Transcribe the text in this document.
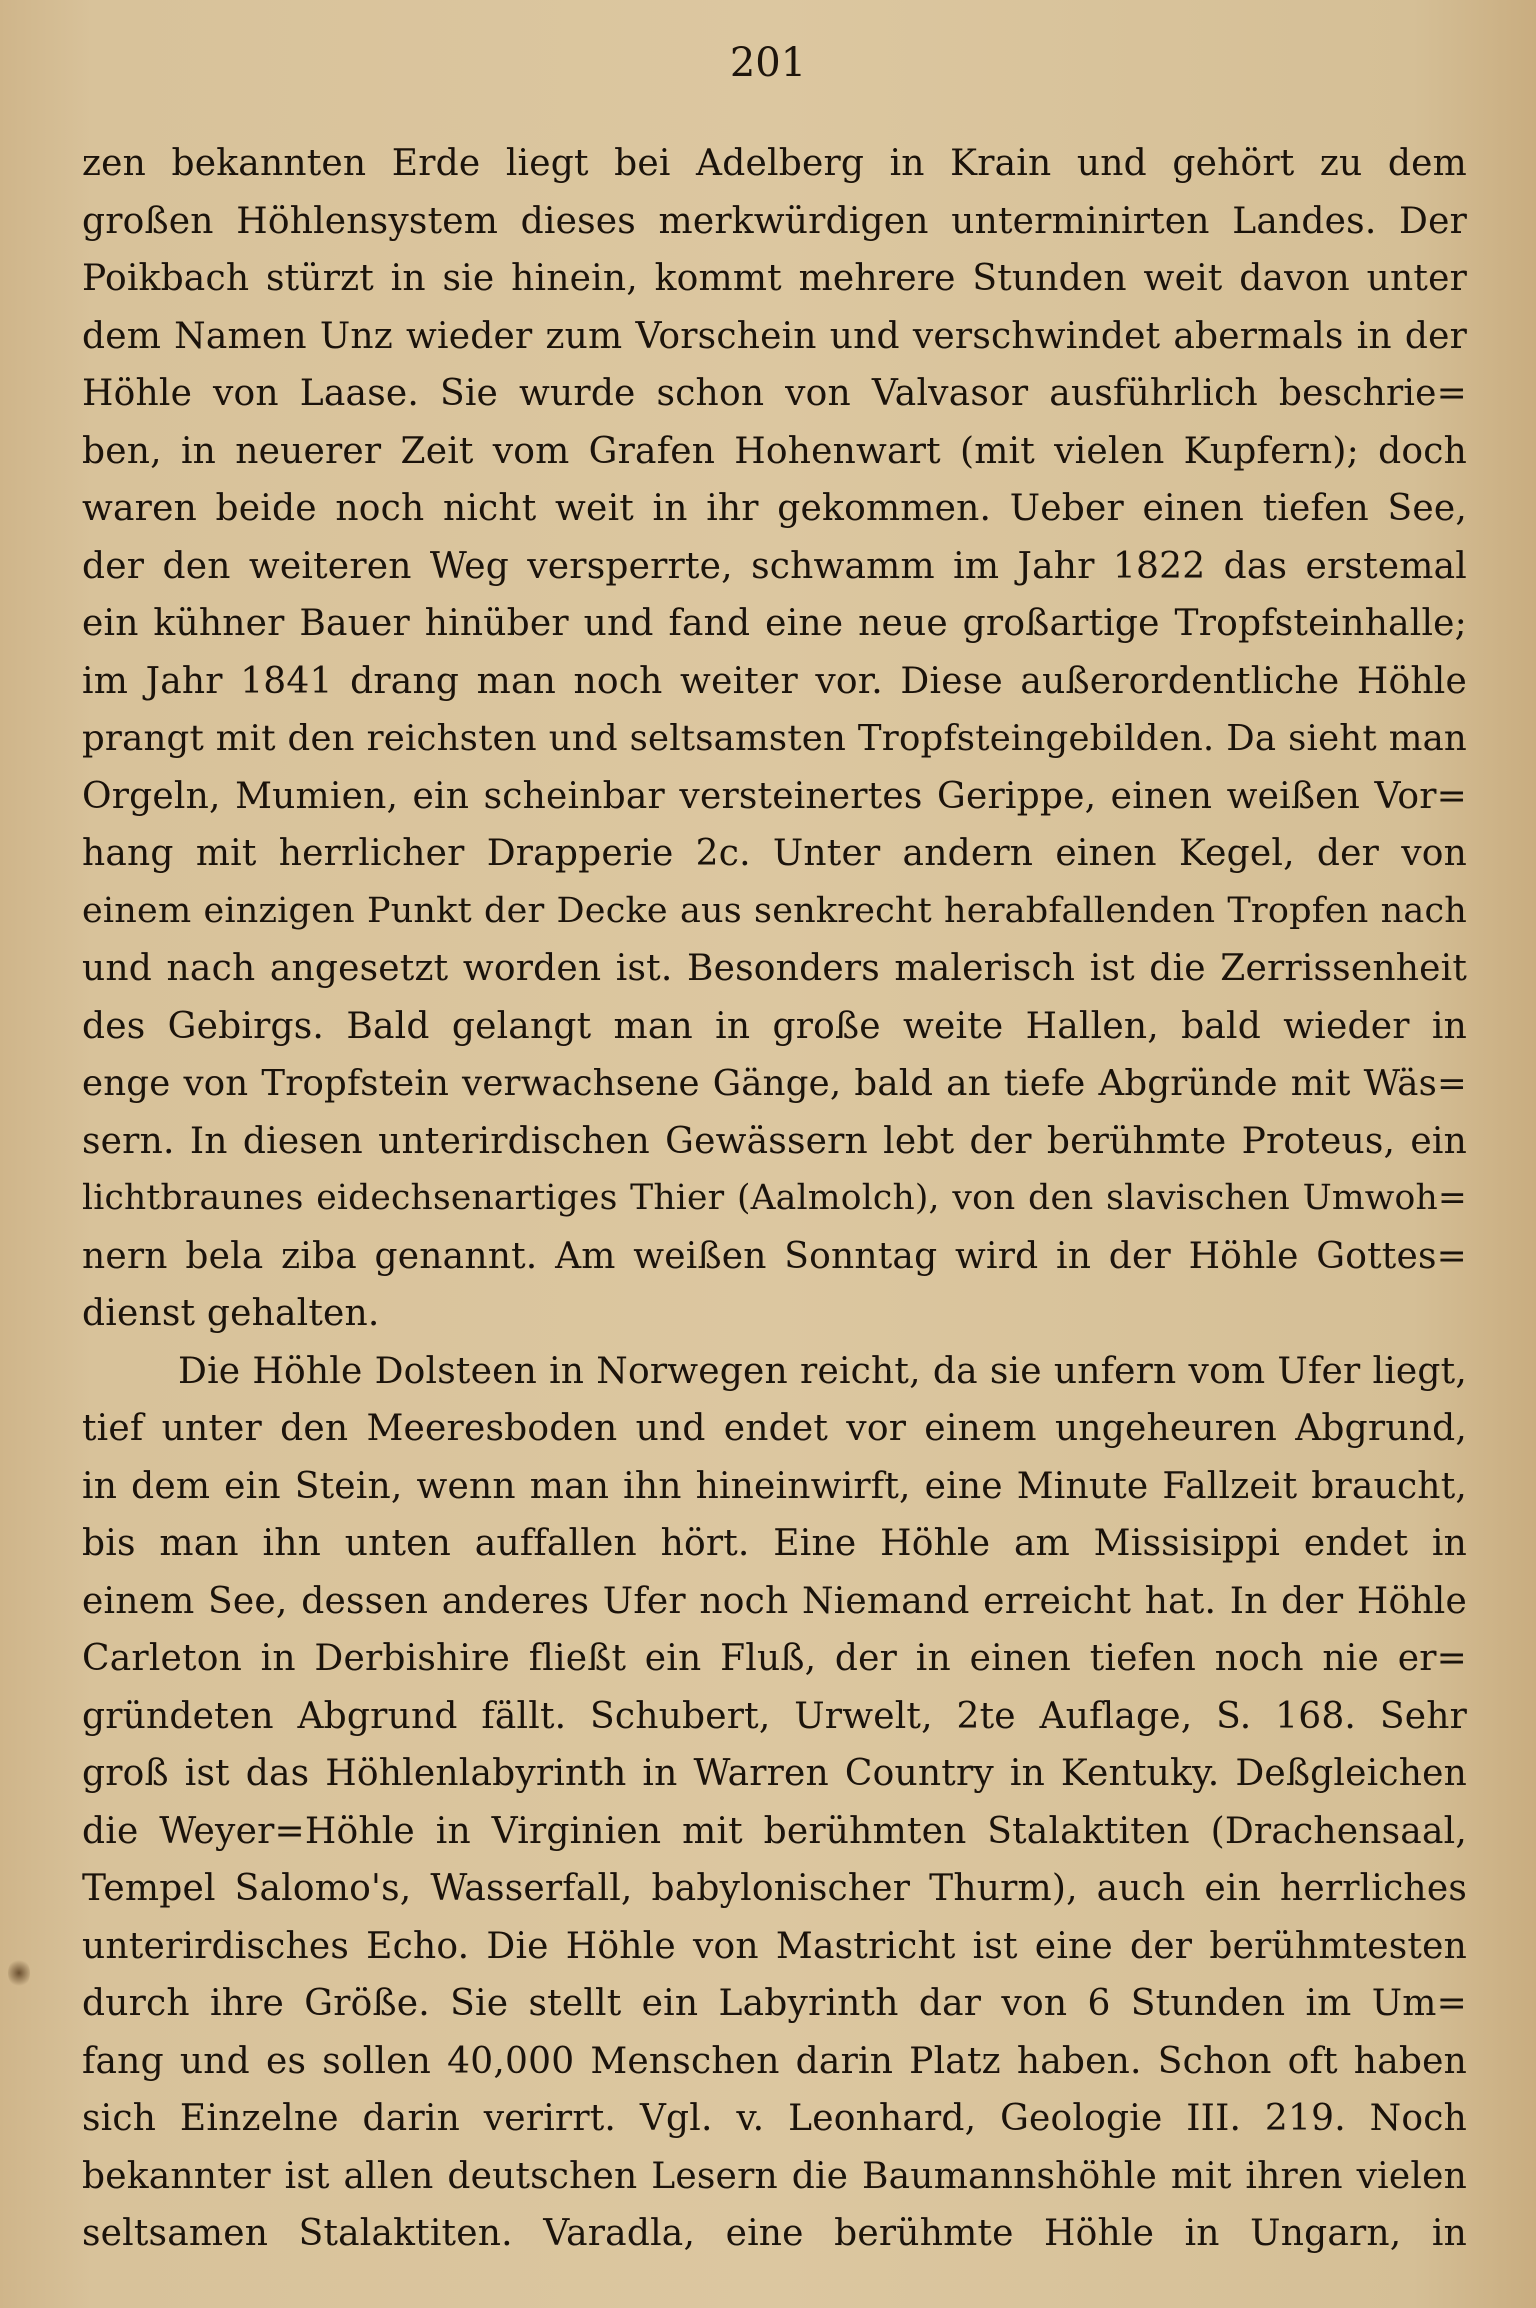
201
zen bekannten Erde liegt bei Adelberg in Krain und gehört zu dem
großen Höhlensystem dieses merkwürdigen unterminirten Landes. Der
Poikbach stürzt in sie hinein, kommt mehrere Stunden weit davon unter
dem Namen Unz wieder zum Vorschein und verschwindet abermals in der
Höhle von Laase. Sie wurde schon von Valvasor ausführlich beschrie=
ben, in neuerer Zeit vom Grafen Hohenwart (mit vielen Kupfern); doch
waren beide noch nicht weit in ihr gekommen. Ueber einen tiefen See,
der den weiteren Weg versperrte, schwamm im Jahr 1822 das erstemal
ein kühner Bauer hinüber und fand eine neue großartige Tropfsteinhalle;
im Jahr 1841 drang man noch weiter vor. Diese außerordentliche Höhle
prangt mit den reichsten und seltsamsten Tropfsteingebilden. Da sieht man
Orgeln, Mumien, ein scheinbar versteinertes Gerippe, einen weißen Vor=
hang mit herrlicher Drapperie 2c. Unter andern einen Kegel, der von
einem einzigen Punkt der Decke aus senkrecht herabfallenden Tropfen nach
und nach angesetzt worden ist. Besonders malerisch ist die Zerrissenheit
des Gebirgs. Bald gelangt man in große weite Hallen, bald wieder in
enge von Tropfstein verwachsene Gänge, bald an tiefe Abgründe mit Wäs=
sern. In diesen unterirdischen Gewässern lebt der berühmte Proteus, ein
lichtbraunes eidechsenartiges Thier (Aalmolch), von den slavischen Umwoh=
nern bela ziba genannt. Am weißen Sonntag wird in der Höhle Gottes=
dienst gehalten.
Die Höhle Dolsteen in Norwegen reicht, da sie unfern vom Ufer liegt,
tief unter den Meeresboden und endet vor einem ungeheuren Abgrund,
in dem ein Stein, wenn man ihn hineinwirft, eine Minute Fallzeit braucht,
bis man ihn unten auffallen hört. Eine Höhle am Missisippi endet in
einem See, dessen anderes Ufer noch Niemand erreicht hat. In der Höhle
Carleton in Derbishire fließt ein Fluß, der in einen tiefen noch nie er=
gründeten Abgrund fällt. Schubert, Urwelt, 2te Auflage, S. 168. Sehr
groß ist das Höhlenlabyrinth in Warren Country in Kentuky. Deßgleichen
die Weyer=Höhle in Virginien mit berühmten Stalaktiten (Drachensaal,
Tempel Salomo's, Wasserfall, babylonischer Thurm), auch ein herrliches
unterirdisches Echo. Die Höhle von Mastricht ist eine der berühmtesten
durch ihre Größe. Sie stellt ein Labyrinth dar von 6 Stunden im Um=
fang und es sollen 40,000 Menschen darin Platz haben. Schon oft haben
sich Einzelne darin verirrt. Vgl. v. Leonhard, Geologie III. 219. Noch
bekannter ist allen deutschen Lesern die Baumannshöhle mit ihren vielen
seltsamen Stalaktiten. Varadla, eine berühmte Höhle in Ungarn, in
